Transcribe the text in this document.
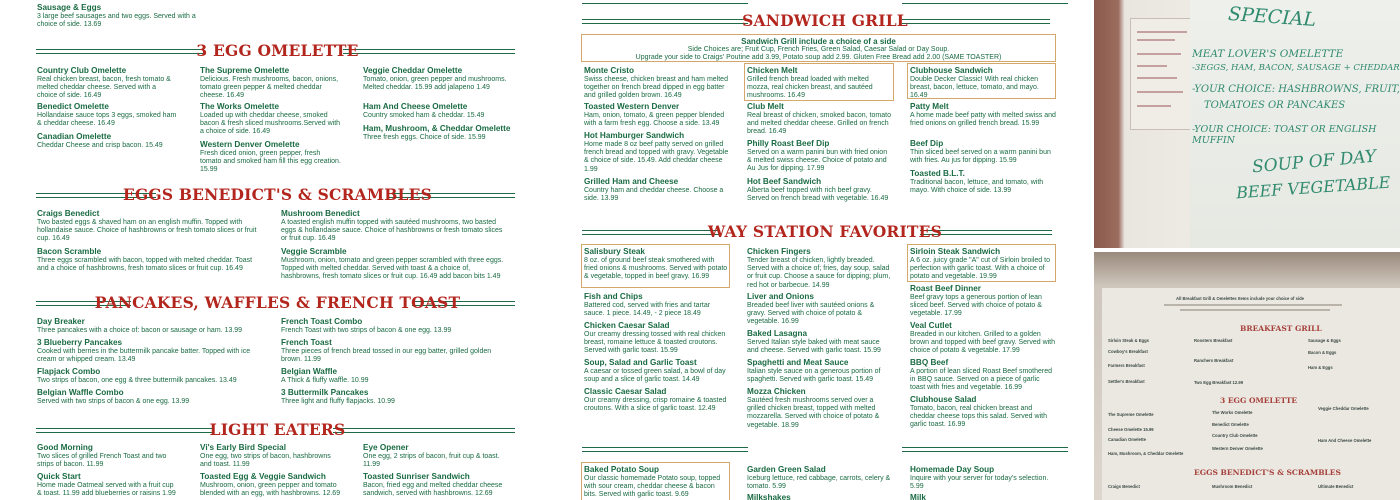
Sausage & Eggs
3 large beef sausages and two eggs. Served with a choice of side. 13.69
3 EGG OMELETTE
Country Club Omelette
Real chicken breast, bacon, fresh tomato & melted cheddar cheese. Served with a choice of side. 16.49
Benedict Omelette
Hollandaise sauce tops 3 eggs, smoked ham & cheddar cheese. 16.49
Canadian Omelette
Cheddar Cheese and crisp bacon. 15.49
The Supreme Omelette
Delicious. Fresh mushrooms, bacon, onions, tomato green pepper & melted cheddar cheese. 16.49
The Works Omelette
Loaded up with cheddar cheese, smoked bacon & fresh sliced mushrooms.Served with a choice of side. 16.49
Western Denver Omelette
Fresh diced onion, green pepper, fresh tomato and smoked ham fill this egg creation. 15.99
Veggie Cheddar Omelette
Tomato, onion, green pepper and mushrooms. Melted cheddar. 15.99 add jalapeno 1.49
Ham And Cheese Omelette
Country smoked ham & cheddar. 15.49
Ham, Mushroom, & Cheddar Omelette
Three fresh eggs. Choice of side. 15.99
EGGS BENEDICT'S & SCRAMBLES
Craigs Benedict
Two basted eggs & shaved ham on an english muffin. Topped with hollandaise sauce. Choice of hashbrowns or fresh tomato slices or fruit cup. 16.49
Bacon Scramble
Three eggs scrambled with bacon, topped with melted cheddar. Toast and a choice of hashbrowns, fresh tomato slices or fruit cup. 16.49
Mushroom Benedict
A toasted english muffin topped with sautéed mushrooms, two basted eggs & hollandaise sauce. Choice of hashbrowns or fresh tomato slices or fruit cup. 16.49
Veggie Scramble
Mushroom, onion, tomato and green pepper scrambled with three eggs. Topped with melted cheddar. Served with toast & a choice of, hashbrowns, fresh tomato slices or fruit cup. 16.49 add bacon bits 1.49
PANCAKES, WAFFLES & FRENCH TOAST
Day Breaker
Three pancakes with a choice of: bacon or sausage or ham. 13.99
3 Blueberry Pancakes
Cooked with berries in the buttermilk pancake batter. Topped with ice cream or whipped cream. 13.49
Flapjack Combo
Two strips of bacon, one egg & three buttermilk pancakes. 13.49
Belgian Waffle Combo
Served with two strips of bacon & one egg. 13.99
French Toast Combo
French Toast with two strips of bacon & one egg. 13.99
French Toast
Three pieces of french bread tossed in our egg batter, grilled golden brown. 11.99
Belgian Waffle
A Thick & fluffy waffle. 10.99
3 Buttermilk Pancakes
Three light and fluffy flapjacks. 10.99
LIGHT EATERS
Good Morning
Two slices of grilled French Toast and two strips of bacon. 11.99
Quick Start
Home made Oatmeal served with a fruit cup & toast. 11.99 add blueberries or raisins 1.99
Vi's Early Bird Special
One egg, two strips of bacon, hashbrowns and toast. 11.99
Toasted Egg & Veggie Sandwich
Mushroom, onion, green pepper and tomato blended with an egg, with hashbrowns. 12.69
Eye Opener
One egg, 2 strips of bacon, fruit cup & toast. 11.99
Toasted Sunriser Sandwich
Bacon, fried egg and melted cheddar cheese sandwich, served with hashbrowns. 12.69
SANDWICH GRILL
Sandwich Grill include a choice of a side
Side Choices are; Fruit Cup, French Fries, Green Salad, Caesar Salad or Day Soup.
Upgrade your side to Craigs' Poutine add 3.99, Potato soup add 2.99. Gluten Free Bread add 2.00 (SAME TOASTER)
Monte Cristo
Swiss cheese, chicken breast and ham melted together on french bread dipped in egg batter and grilled golden brown. 16.49
Toasted Western Denver
Ham, onion, tomato, & green pepper blended with a farm fresh egg. Choose a side. 13.49
Hot Hamburger Sandwich
Home made 8 oz beef patty served on grilled french bread and topped with gravy. Vegetable & choice of side. 15.49. Add cheddar cheese 1.99
Grilled Ham and Cheese
Country ham and cheddar cheese. Choose a side. 13.99
Chicken Melt
Grilled french bread loaded with melted mozza, real chicken breast, and sautéed mushrooms. 16.49
Club Melt
Real breast of chicken, smoked bacon, tomato and melted cheddar cheese. Grilled on french bread. 16.49
Philly Roast Beef Dip
Served on a warm panini bun with fried onion & melted swiss cheese. Choice of potato and Au Jus for dipping. 17.99
Hot Beef Sandwich
Alberta beef topped with rich beef gravy. Served on french bread with vegetable. 16.49
Clubhouse Sandwich
Double Decker Classic! With real chicken breast, bacon, lettuce, tomato, and mayo. 16.49
Patty Melt
A home made beef patty with melted swiss and fried onions on grilled french bread. 15.99
Beef Dip
Thin sliced beef served on a warm panini bun with fries. Au jus for dipping. 15.99
Toasted B.L.T.
Traditional bacon, lettuce, and tomato, with mayo. With choice of side. 13.99
WAY STATION FAVORITES
Salisbury Steak
8 oz. of ground beef steak smothered with fried onions & mushrooms. Served with potato & vegetable, topped in beef gravy. 16.99
Fish and Chips
Battered cod, served with fries and tartar sauce. 1 piece. 14.49, - 2 piece 18.49
Chicken Caesar Salad
Our creamy dressing tossed with real chicken breast, romaine lettuce & toasted croutons. Served with garlic toast. 15.99
Soup, Salad and Garlic Toast
A caesar or tossed green salad, a bowl of day soup and a slice of garlic toast. 14.49
Classic Caesar Salad
Our creamy dressing, crisp romaine & toasted croutons. With a slice of garlic toast. 12.49
Chicken Fingers
Tender breast of chicken, lightly breaded. Served with a choice of; fries, day soup, salad or fruit cup. Choose a sauce for dipping; plum, red hot or barbecue. 14.99
Liver and Onions
Breaded beef liver with sautéed onions & gravy. Served with choice of potato & vegetable. 16.99
Baked Lasagna
Served Italian style baked with meat sauce and cheese. Served with garlic toast. 15.99
Spaghetti and Meat Sauce
Italian style sauce on a generous portion of spaghetti. Served with garlic toast. 15.49
Mozza Chicken
Sautéed fresh mushrooms served over a grilled chicken breast, topped with melted mozzarella. Served with choice of potato & vegetable. 18.99
Sirloin Steak Sandwich
A 6 oz. juicy grade "A" cut of Sirloin broiled to perfection with garlic toast. With a choice of potato and vegetable. 19.99
Roast Beef Dinner
Beef gravy tops a generous portion of lean sliced beef. Served with choice of potato & vegetable. 17.99
Veal Cutlet
Breaded in our kitchen. Grilled to a golden brown and topped with beef gravy. Served with choice of potato & vegetable. 17.99
BBQ Beef
A portion of lean sliced Roast Beef smothered in BBQ sauce. Served on a piece of garlic toast with fries and vegetable. 16.99
Clubhouse Salad
Tomato, bacon, real chicken breast and cheddar cheese tops this salad. Served with garlic toast. 16.99
Baked Potato Soup
Our classic homemade Potato soup, topped with sour cream, cheddar cheese & bacon bits. Served with garlic toast. 9.69
Garden Green Salad
Iceburg lettuce, red cabbage, carrots, celery & tomato. 5.99
Milkshakes
Homemade Day Soup
Inquire with your server for today's selection. 5.99
Milk
SPECIAL
MEAT LOVER'S OMELETTE
-3EGGS, HAM, BACON, SAUSAGE + CHEDDAR
-YOUR CHOICE: HASHBROWNS, FRUIT,
TOMATOES OR PANCAKES
-YOUR CHOICE: TOAST OR ENGLISH MUFFIN
SOUP OF DAY
BEEF VEGETABLE
All Breakfast Grill & Omelettes Items include your choice of side
BREAKFAST GRILL
Sirloin Steak & Eggs
Cowboy's Breakfast
Farmers Breakfast
Settler's Breakfast
Roosters Breakfast
Ranchers Breakfast
Two Egg Breakfast 12.99
Sausage & Eggs
Bacon & Eggs
Ham & Eggs
3 EGG OMELETTE
The Supreme Omelette
Cheese Omelette 15.99
Canadian Omelette
Ham, Mushroom, & Cheddar Omelette
The Works Omelette
Benedict Omelette
Country Club Omelette
Western Denver Omelette
Veggie Cheddar Omelette
Ham And Cheese Omelette
EGGS BENEDICT'S & SCRAMBLES
Craigs Benedict	Mushroom Benedict	Ultimate Benedict
